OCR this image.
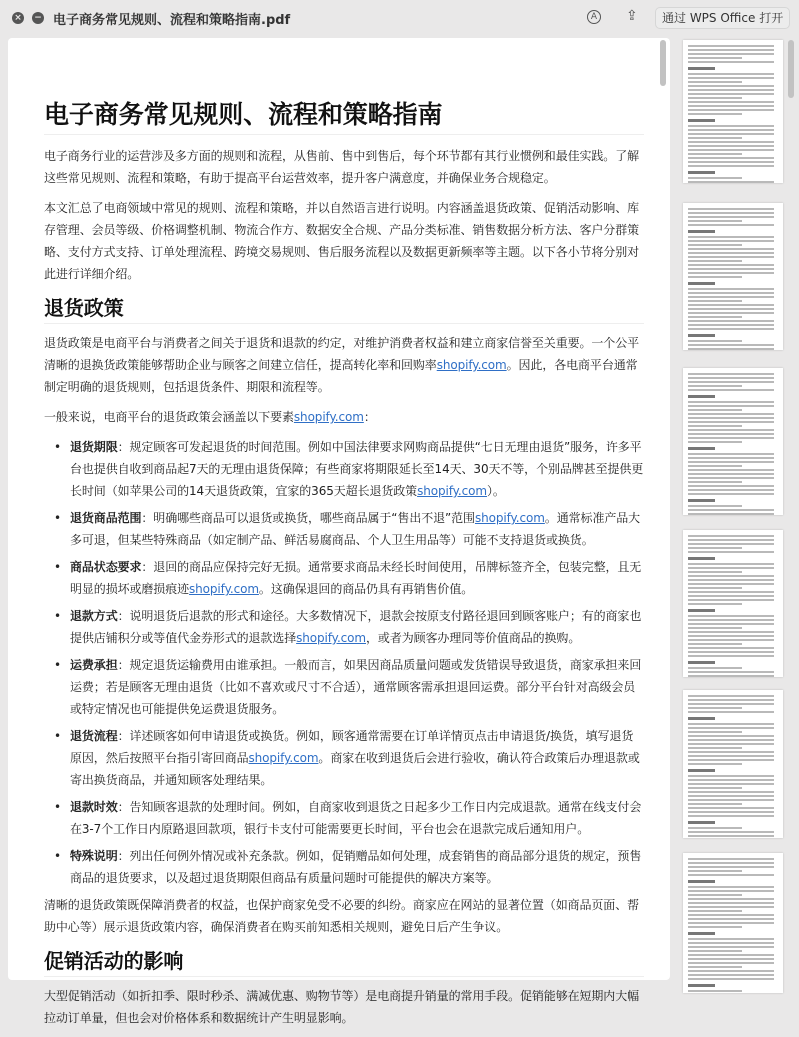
× − 电子商务常见规则、流程和策略指南.pdf	A ⇪	通过 WPS Office 打开
电子商务常见规则、流程和策略指南

电子商务行业的运营涉及多方面的规则和流程，从售前、售中到售后，每个环节都有其行业惯例和最佳实践。了解这些常见规则、流程和策略，有助于提高平台运营效率，提升客户满意度，并确保业务合规稳定。

本文汇总了电商领域中常见的规则、流程和策略，并以自然语言进行说明。内容涵盖退货政策、促销活动影响、库存管理、会员等级、价格调整机制、物流合作方、数据安全合规、产品分类标准、销售数据分析方法、客户分群策略、支付方式支持、订单处理流程、跨境交易规则、售后服务流程以及数据更新频率等主题。以下各小节将分别对此进行详细介绍。

退货政策

退货政策是电商平台与消费者之间关于退货和退款的约定，对维护消费者权益和建立商家信誉至关重要。一个公平清晰的退换货政策能够帮助企业与顾客之间建立信任，提高转化率和回购率shopify.com。因此，各电商平台通常制定明确的退货规则，包括退货条件、期限和流程等。

一般来说，电商平台的退货政策会涵盖以下要素shopify.com：

• 退货期限：规定顾客可发起退货的时间范围。例如中国法律要求网购商品提供“七日无理由退货”服务，许多平台也提供自收到商品起7天的无理由退货保障；有些商家将期限延长至14天、30天不等，个别品牌甚至提供更长时间（如苹果公司的14天退货政策，宜家的365天超长退货政策shopify.com）。
• 退货商品范围：明确哪些商品可以退货或换货，哪些商品属于“售出不退”范围shopify.com。通常标准产品大多可退，但某些特殊商品（如定制产品、鲜活易腐商品、个人卫生用品等）可能不支持退货或换货。
• 商品状态要求：退回的商品应保持完好无损。通常要求商品未经长时间使用，吊牌标签齐全，包装完整，且无明显的损坏或磨损痕迹shopify.com。这确保退回的商品仍具有再销售价值。
• 退款方式：说明退货后退款的形式和途径。大多数情况下，退款会按原支付路径退回到顾客账户；有的商家也提供店铺积分或等值代金券形式的退款选择shopify.com，或者为顾客办理同等价值商品的换购。
• 运费承担：规定退货运输费用由谁承担。一般而言，如果因商品质量问题或发货错误导致退货，商家承担来回运费；若是顾客无理由退货（比如不喜欢或尺寸不合适），通常顾客需承担退回运费。部分平台针对高级会员或特定情况也可能提供免运费退货服务。
• 退货流程：详述顾客如何申请退货或换货。例如，顾客通常需要在订单详情页点击申请退货/换货，填写退货原因，然后按照平台指引寄回商品shopify.com。商家在收到退货后会进行验收，确认符合政策后办理退款或寄出换货商品，并通知顾客处理结果。
• 退款时效：告知顾客退款的处理时间。例如，自商家收到退货之日起多少工作日内完成退款。通常在线支付会在3-7个工作日内原路退回款项，银行卡支付可能需要更长时间，平台也会在退款完成后通知用户。
• 特殊说明：列出任何例外情况或补充条款。例如，促销赠品如何处理，成套销售的商品部分退货的规定，预售商品的退货要求，以及超过退货期限但商品有质量问题时可能提供的解决方案等。

清晰的退货政策既保障消费者的权益，也保护商家免受不必要的纠纷。商家应在网站的显著位置（如商品页面、帮助中心等）展示退货政策内容，确保消费者在购买前知悉相关规则，避免日后产生争议。

促销活动的影响

大型促销活动（如折扣季、限时秒杀、满减优惠、购物节等）是电商提升销量的常用手段。促销能够在短期内大幅拉动订单量，但也会对价格体系和数据统计产生明显影响。
